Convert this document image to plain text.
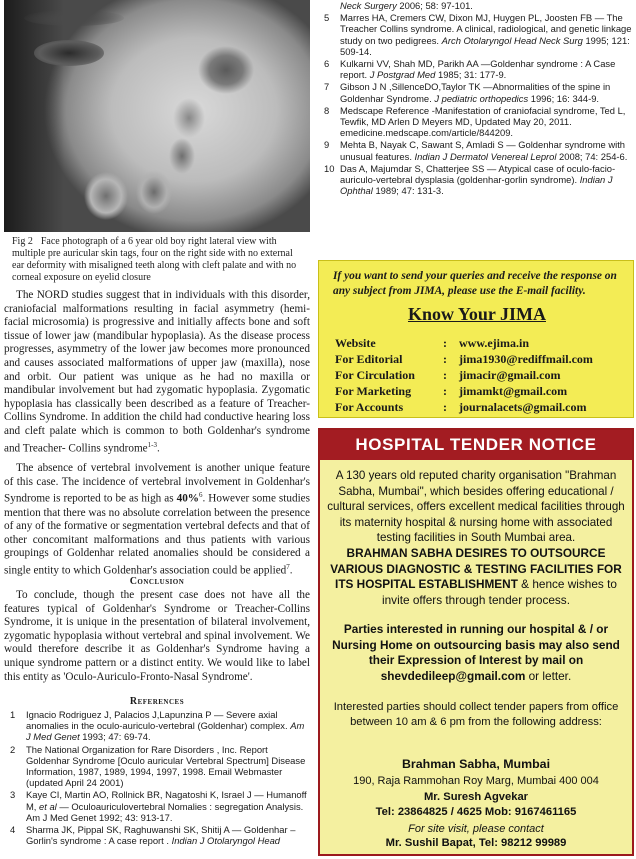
Fig 2 Face photograph of a 6 year old boy right lateral view with multiple pre auricular skin tags, four on the right side with no external ear deformity with misaligned teeth along with cleft palate and with no corneal exposure on eyelid closure

The NORD studies suggest that in individuals with this disorder, craniofacial malformations resulting in facial asymmetry (hemi-facial microsomia) is progressive and initially affects bone and soft tissue of lower jaw (mandibular hypoplasia). As the disease process progresses, asymmetry of the lower jaw becomes more pronounced and causes associated malformations of upper jaw (maxilla), nose and orbit. Our patient was unique as he had no maxilla or mandibular involvement but had zygomatic hypoplasia. Zygomatic hypoplasia has classically been described as a feature of Treacher-Collins Syndrome. In addition the child had conductive hearing loss and cleft palate which is common to both Goldenhar's syndrome and Treacher- Collins syndrome$^{1-3}$.

The absence of vertebral involvement is another unique feature of this case. The incidence of vertebral involvement in Goldenhar's Syndrome is reported to be as high as 40%$^6$. However some studies mention that there was no absolute correlation between the presence of any of the formative or segmentation vertebral defects and that of other concomitant malformations and thus patients with various groupings of Goldenhar related anomalies should be considered a single entity to which Goldenhar's association could be applied$^7$.

Conclusion

To conclude, though the present case does not have all the features typical of Goldenhar's Syndrome or Treacher-Collins Syndrome, it is unique in the presentation of bilateral involvement, zygomatic hypoplasia without vertebral and spinal involvement. We would therefore describe it as Goldenhar's Syndrome having a unique syndrome pattern or a distinct entity. We would like to label this entity as 'Oculo-Auriculo-Fronto-Nasal Syndrome'.

References
1 Ignacio Rodriguez J, Palacios J,Lapunzina P — Severe axial anomalies in the oculo-auriculo-vertebral (Goldenhar) complex. Am J Med Genet 1993; 47: 69-74.
2 The National Organization for Rare Disorders , Inc. Report Goldenhar Syndrome [Oculo auricular Vertebral Spectrum] Disease Information, 1987, 1989, 1994, 1997, 1998. Email Webmaster (updated April 24 2001)
3 Kaye CI, Martin AO, Rollnick BR, Nagatoshi K, Israel J — Humanoff M, et al — Oculoauriculovertebral Nomalies : segregation Analysis. Am J Med Genet 1992; 43: 913-17.
4 Sharma JK, Pippal SK, Raghuwanshi SK, Shitij A — Goldenhar – Gorlin's syndrome : A case report . Indian J Otolaryngol Head
Neck Surgery 2006; 58: 97-101.
5 Marres HA, Cremers CW, Dixon MJ, Huygen PL, Joosten FB — The Treacher Collins syndrome. A clinical, radiological, and genetic linkage study on two pedigrees. Arch Otolaryngol Head Neck Surg 1995; 121: 509-14.
6 Kulkarni VV, Shah MD, Parikh AA —Goldenhar syndrome : A Case report. J Postgrad Med 1985; 31: 177-9.
7 Gibson J N ,SillenceDO,Taylor TK —Abnormalities of the spine in Goldenhar Syndrome. J pediatric orthopedics 1996; 16: 344-9.
8 Medscape Reference -Manifestation of craniofacial syndrome, Ted L, Tewfik, MD Arlen D Meyers MD, Updated May 20, 2011. emedicine.medscape.com/article/844209.
9 Mehta B, Nayak C, Sawant S, Amladi S — Goldenhar syndrome with unusual features. Indian J Dermatol Venereal Leprol 2008; 74: 254-6.
10 Das A, Majumdar S, Chatterjee SS — Atypical case of oculo-facio-auriculo-vertebral dysplasia (goldenhar-gorlin syndrome). Indian J Ophthal 1989; 47: 131-3.
If you want to send your queries and receive the response on any subject from JIMA, please use the E-mail facility.
Know Your JIMA
Website	: www.ejima.in
For Editorial	: jima1930@rediffmail.com
For Circulation : jimacir@gmail.com
For Marketing	: jimamkt@gmail.com
For Accounts	: journalacets@gmail.com
HOSPITAL TENDER NOTICE
A 130 years old reputed charity organisation "Brahman Sabha, Mumbai", which besides offering educational / cultural services, offers excellent medical facilities through its maternity hospital & nursing home with associated testing facilities in South Mumbai area.
BRAHMAN SABHA DESIRES TO OUTSOURCE VARIOUS DIAGNOSTIC & TESTING FACILITIES FOR ITS HOSPITAL ESTABLISHMENT & hence wishes to invite offers through tender process.
Parties interested in running our hospital & / or Nursing Home on outsourcing basis may also send their Expression of Interest by mail on shevdedileep@gmail.com or letter.
Interested parties should collect tender papers from office between 10 am & 6 pm from the following address:
Brahman Sabha, Mumbai
190, Raja Rammohan Roy Marg, Mumbai 400 004
Mr. Suresh Agvekar
Tel: 23864825 / 4625 Mob: 9167461165
For site visit, please contact
Mr. Sushil Bapat, Tel: 98212 99989
